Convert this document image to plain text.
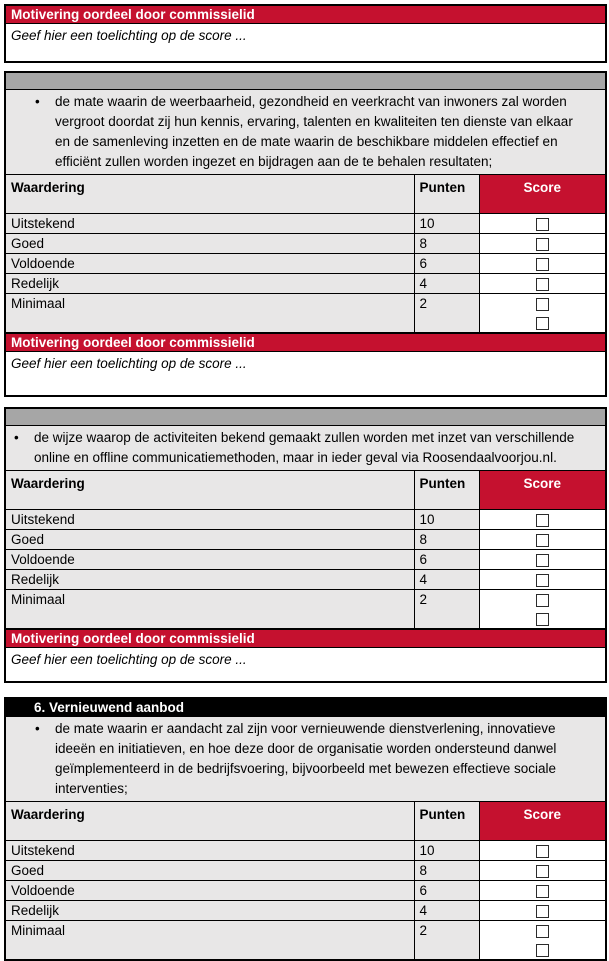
Motivering oordeel door commissielid
Geef hier een toelichting op de score ...

• de mate waarin de weerbaarheid, gezondheid en veerkracht van inwoners zal worden vergroot doordat zij hun kennis, ervaring, talenten en kwaliteiten ten dienste van elkaar en de samenleving inzetten en de mate waarin de beschikbare middelen effectief en efficiënt zullen worden ingezet en bijdragen aan de te behalen resultaten;		

Waardering	Punten	Score
Uitstekend	10	
Goed	8	
Voldoende	6	
Redelijk	4	
Minimaal	2	

Motivering oordeel door commissielid		
Geef hier een toelichting op de score ...		

• de wijze waarop de activiteiten bekend gemaakt zullen worden met inzet van verschillende online en offline communicatiemethoden, maar in ieder geval via Roosendaalvoorjou.nl.		

Waardering	Punten	Score
Uitstekend	10	
Goed	8	
Voldoende	6	
Redelijk	4	
Minimaal	2	

Motivering oordeel door commissielid		
Geef hier een toelichting op de score ...		
6. Vernieuwend aanbod		

• de mate waarin er aandacht zal zijn voor vernieuwende dienstverlening, innovatieve ideeën en initiatieven, en hoe deze door de organisatie worden ondersteund danwel geïmplementeerd in de bedrijfsvoering, bijvoorbeeld met bewezen effectieve sociale interventies;		

Waardering	Punten	Score
Uitstekend	10	
Goed	8	
Voldoende	6	
Redelijk	4	
Minimaal	2	
